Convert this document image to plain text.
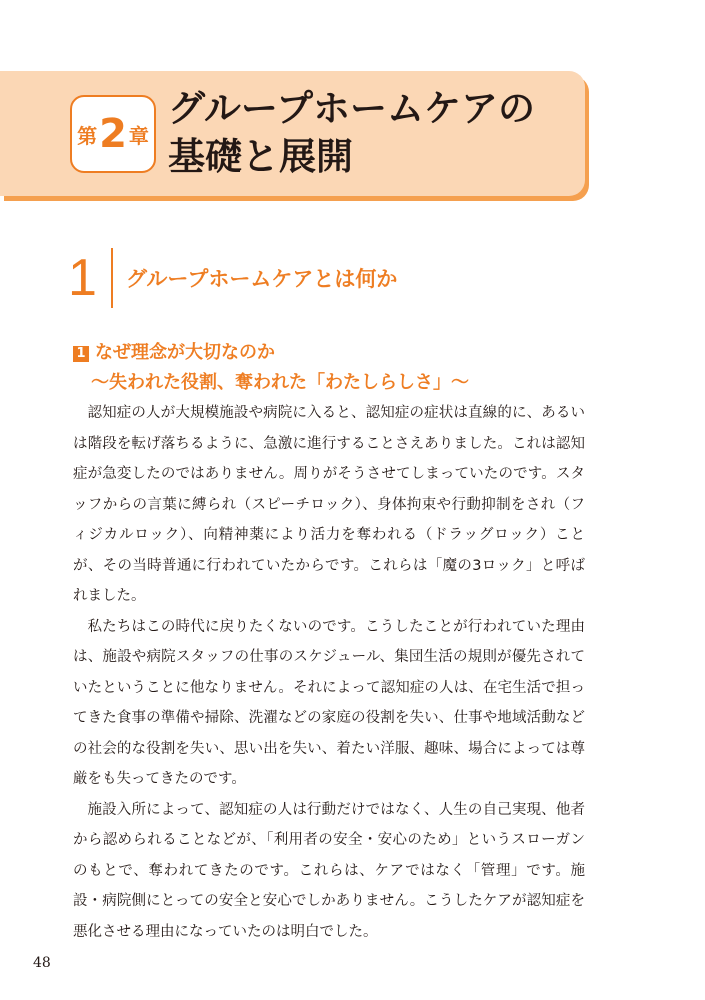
第 2 章
グループホームケアの
基礎と展開
1 グループホームケアとは何か
1 なぜ理念が大切なのか
～失われた役割、奪われた「わたしらしさ」～

認知症の人が大規模施設や病院に入ると、認知症の症状は直線的に、あるいは階段を転げ落ちるように、急激に進行することさえありました。これは認知症が急変したのではありません。周りがそうさせてしまっていたのです。スタッフからの言葉に縛られ（スピーチロック）、身体拘束や行動抑制をされ（フィジカルロック）、向精神薬により活力を奪われる（ドラッグロック）ことが、その当時普通に行われていたからです。これらは「魔の3ロック」と呼ばれました。

私たちはこの時代に戻りたくないのです。こうしたことが行われていた理由は、施設や病院スタッフの仕事のスケジュール、集団生活の規則が優先されていたということに他なりません。それによって認知症の人は、在宅生活で担ってきた食事の準備や掃除、洗濯などの家庭の役割を失い、仕事や地域活動などの社会的な役割を失い、思い出を失い、着たい洋服、趣味、場合によっては尊厳をも失ってきたのです。

施設入所によって、認知症の人は行動だけではなく、人生の自己実現、他者から認められることなどが、「利用者の安全・安心のため」というスローガンのもとで、奪われてきたのです。これらは、ケアではなく「管理」です。施設・病院側にとっての安全と安心でしかありません。こうしたケアが認知症を悪化させる理由になっていたのは明白でした。

48
